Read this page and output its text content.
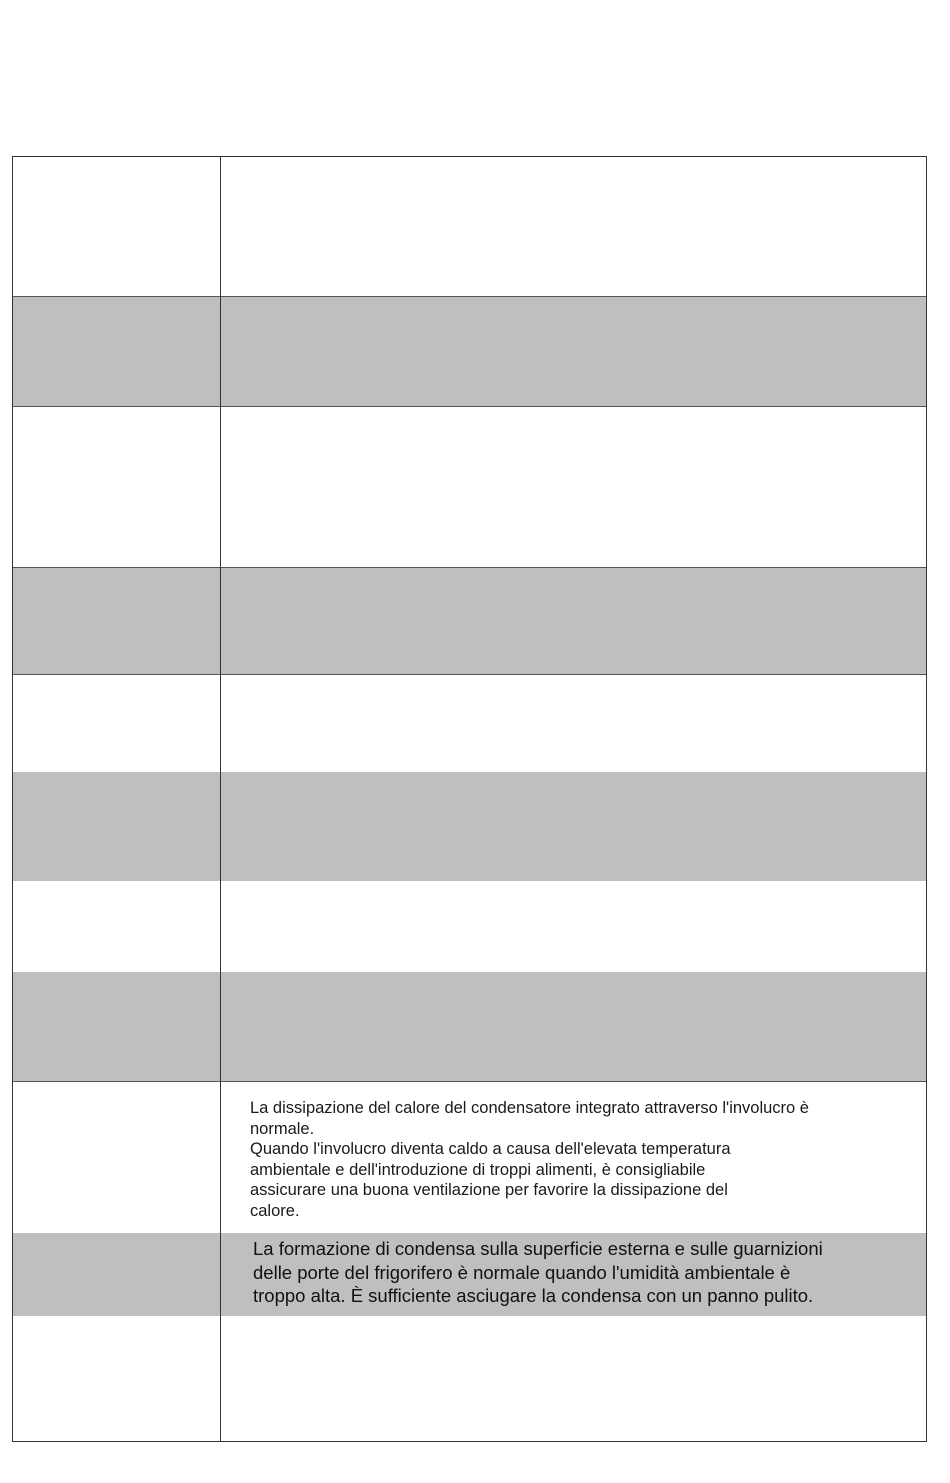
La dissipazione del calore del condensatore integrato attraverso l'involucro è
normale.
Quando l'involucro diventa caldo a causa dell'elevata temperatura
ambientale e dell'introduzione di troppi alimenti, è consigliabile
assicurare una buona ventilazione per favorire la dissipazione del
calore.
La formazione di condensa sulla superficie esterna e sulle guarnizioni
delle porte del frigorifero è normale quando l'umidità ambientale è
troppo alta. È sufficiente asciugare la condensa con un panno pulito.
